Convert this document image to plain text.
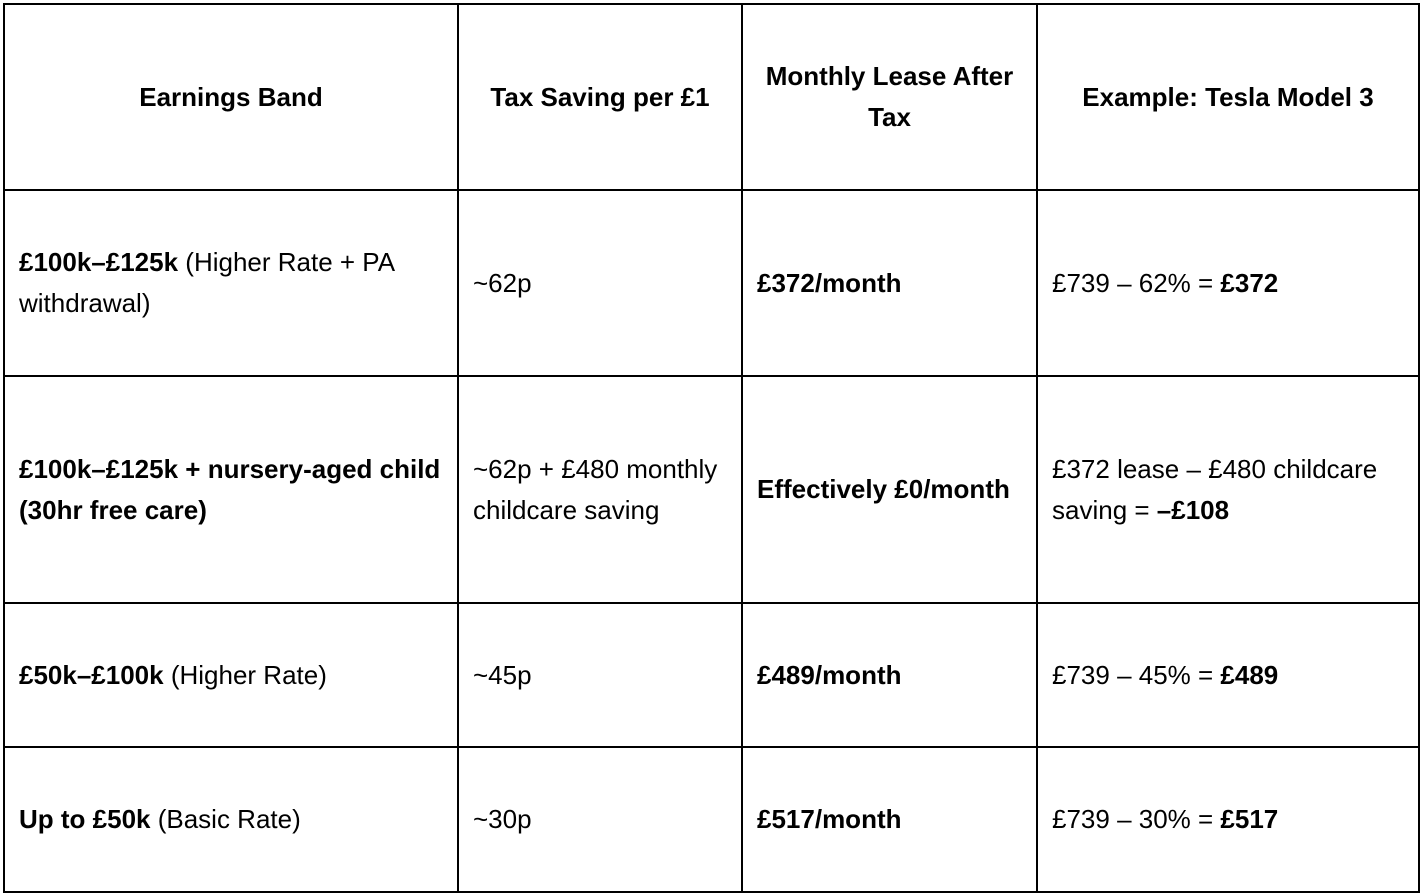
Earnings Band	Tax Saving per £1	Monthly Lease After Tax	Example: Tesla Model 3
£100k–£125k (Higher Rate + PA withdrawal)	~62p	£372/month	£739 – 62% = £372
£100k–£125k + nursery-aged child (30hr free care)	~62p + £480 monthly childcare saving	Effectively £0/month	£372 lease – £480 childcare saving = –£108
£50k–£100k (Higher Rate)	~45p	£489/month	£739 – 45% = £489
Up to £50k (Basic Rate)	~30p	£517/month	£739 – 30% = £517
